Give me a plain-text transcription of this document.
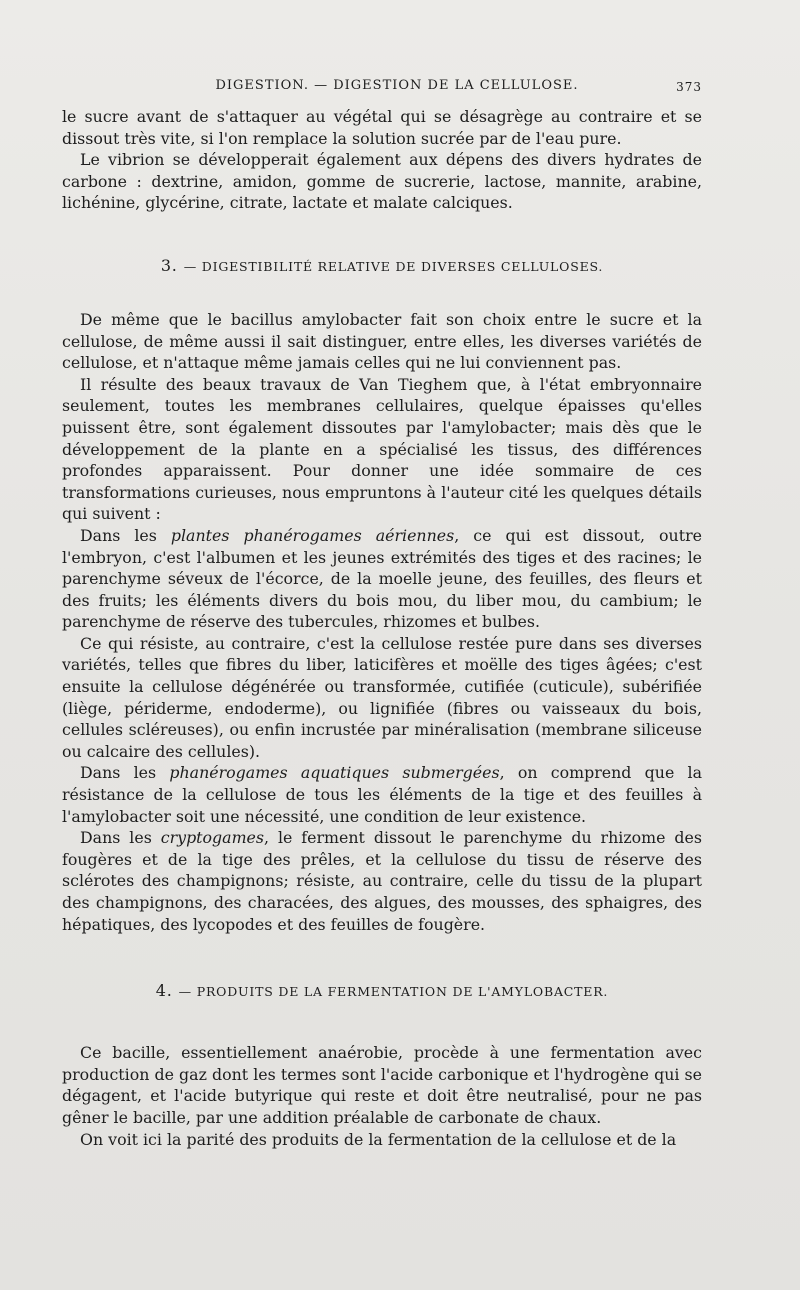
DIGESTION. — DIGESTION DE LA CELLULOSE.	373

le sucre avant de s'attaquer au végétal qui se désagrège au contraire et se dissout très vite, si l'on remplace la solution sucrée par de l'eau pure.

Le vibrion se développerait également aux dépens des divers hydrates de carbone : dextrine, amidon, gomme de sucrerie, lactose, mannite, arabine, lichénine, glycérine, citrate, lactate et malate calciques.

3. — DIGESTIBILITÉ RELATIVE DE DIVERSES CELLULOSES.

De même que le bacillus amylobacter fait son choix entre le sucre et la cellulose, de même aussi il sait distinguer, entre elles, les diverses variétés de cellulose, et n'attaque même jamais celles qui ne lui conviennent pas.

Il résulte des beaux travaux de Van Tieghem que, à l'état embryonnaire seulement, toutes les membranes cellulaires, quelque épaisses qu'elles puissent être, sont également dissoutes par l'amylobacter; mais dès que le développement de la plante en a spécialisé les tissus, des différences profondes apparaissent. Pour donner une idée sommaire de ces transformations curieuses, nous empruntons à l'auteur cité les quelques détails qui suivent :

Dans les plantes phanérogames aériennes, ce qui est dissout, outre l'embryon, c'est l'albumen et les jeunes extrémités des tiges et des racines; le parenchyme séveux de l'écorce, de la moelle jeune, des feuilles, des fleurs et des fruits; les éléments divers du bois mou, du liber mou, du cambium; le parenchyme de réserve des tubercules, rhizomes et bulbes.

Ce qui résiste, au contraire, c'est la cellulose restée pure dans ses diverses variétés, telles que fibres du liber, laticifères et moëlle des tiges âgées; c'est ensuite la cellulose dégénérée ou transformée, cutifiée (cuticule), subérifiée (liège, périderme, endoderme), ou lignifiée (fibres ou vaisseaux du bois, cellules scléreuses), ou enfin incrustée par minéralisation (membrane siliceuse ou calcaire des cellules).

Dans les phanérogames aquatiques submergées, on comprend que la résistance de la cellulose de tous les éléments de la tige et des feuilles à l'amylobacter soit une nécessité, une condition de leur existence.

Dans les cryptogames, le ferment dissout le parenchyme du rhizome des fougères et de la tige des prêles, et la cellulose du tissu de réserve des sclérotes des champignons; résiste, au contraire, celle du tissu de la plupart des champignons, des characées, des algues, des mousses, des sphaigres, des hépatiques, des lycopodes et des feuilles de fougère.

4. — PRODUITS DE LA FERMENTATION DE L'AMYLOBACTER.

Ce bacille, essentiellement anaérobie, procède à une fermentation avec production de gaz dont les termes sont l'acide carbonique et l'hydrogène qui se dégagent, et l'acide butyrique qui reste et doit être neutralisé, pour ne pas gêner le bacille, par une addition préalable de carbonate de chaux.

On voit ici la parité des produits de la fermentation de la cellulose et de la
